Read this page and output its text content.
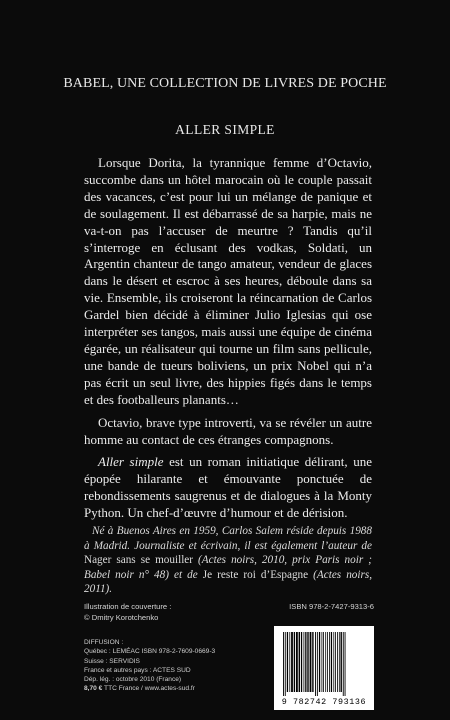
BABEL, UNE COLLECTION DE LIVRES DE POCHE
ALLER SIMPLE

Lorsque Dorita, la tyrannique femme d’Octavio, succombe dans un hôtel marocain où le couple passait des vacances, c’est pour lui un mélange de panique et de soulagement. Il est débarrassé de sa harpie, mais ne va-t-on pas l’accuser de meurtre ? Tandis qu’il s’interroge en éclusant des vodkas, Soldati, un Argentin chanteur de tango amateur, vendeur de glaces dans le désert et escroc à ses heures, déboule dans sa vie. Ensemble, ils croiseront la réincarnation de Carlos Gardel bien décidé à éliminer Julio Iglesias qui ose interpréter ses tangos, mais aussi une équipe de cinéma égarée, un réalisateur qui tourne un film sans pellicule, une bande de tueurs boliviens, un prix Nobel qui n’a pas écrit un seul livre, des hippies figés dans le temps et des footballeurs planants…

Octavio, brave type introverti, va se révéler un autre homme au contact de ces étranges compagnons.

Aller simple est un roman initiatique délirant, une épopée hilarante et émouvante ponctuée de rebondissements saugrenus et de dialogues à la Monty Python. Un chef-d’œuvre d’humour et de dérision.

Né à Buenos Aires en 1959, Carlos Salem réside depuis 1988 à Madrid. Journaliste et écrivain, il est également l’auteur de Nager sans se mouiller (Actes noirs, 2010, prix Paris noir ; Babel noir n° 48) et de Je reste roi d’Espagne (Actes noirs, 2011).
Illustration de couverture :
© Dmitry Korotchenko
ISBN 978-2-7427-9313-6
DIFFUSION :
Québec : LEMÉAC ISBN 978-2-7609-0669-3
Suisse : SERVIDIS
France et autres pays : ACTES SUD
Dép. lég. : octobre 2010 (France)
8,70 € TTC France / www.actes-sud.fr
9 782742 793136
